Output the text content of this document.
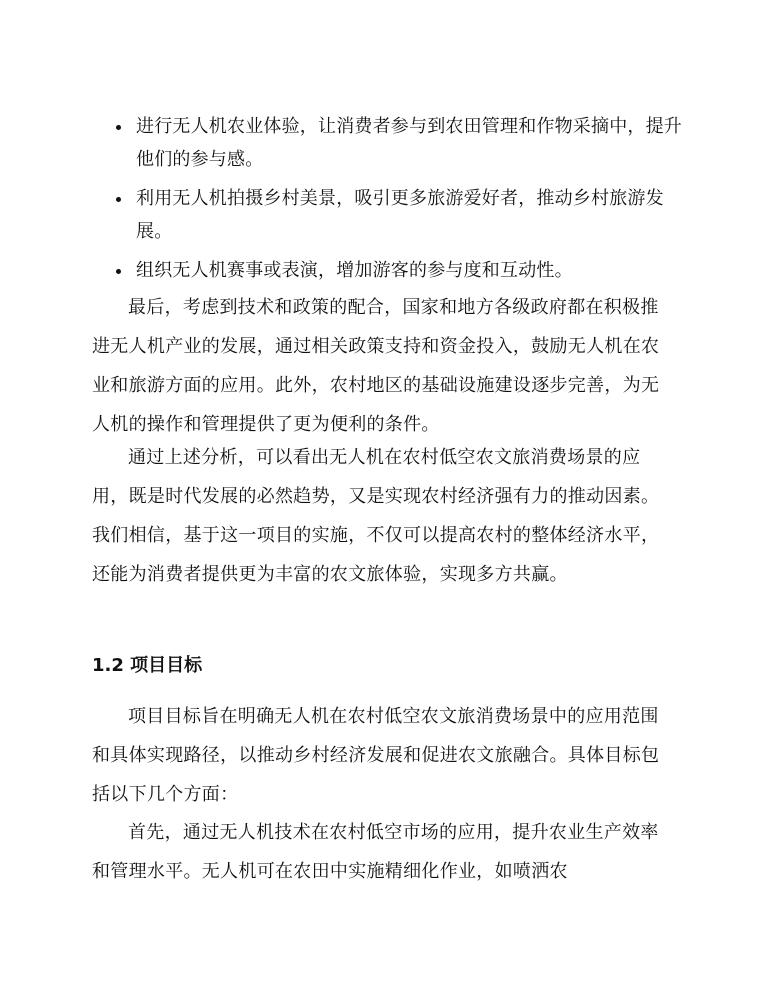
进行无人机农业体验，让消费者参与到农田管理和作物采摘中，提升他们的参与感。
利用无人机拍摄乡村美景，吸引更多旅游爱好者，推动乡村旅游发展。
组织无人机赛事或表演，增加游客的参与度和互动性。

最后，考虑到技术和政策的配合，国家和地方各级政府都在积极推进无人机产业的发展，通过相关政策支持和资金投入，鼓励无人机在农业和旅游方面的应用。此外，农村地区的基础设施建设逐步完善，为无人机的操作和管理提供了更为便利的条件。

通过上述分析，可以看出无人机在农村低空农文旅消费场景的应用，既是时代发展的必然趋势，又是实现农村经济强有力的推动因素。我们相信，基于这一项目的实施，不仅可以提高农村的整体经济水平，还能为消费者提供更为丰富的农文旅体验，实现多方共赢。

1.2 项目目标

项目目标旨在明确无人机在农村低空农文旅消费场景中的应用范围和具体实现路径，以推动乡村经济发展和促进农文旅融合。具体目标包括以下几个方面：

首先，通过无人机技术在农村低空市场的应用，提升农业生产效率和管理水平。无人机可在农田中实施精细化作业，如喷洒农
